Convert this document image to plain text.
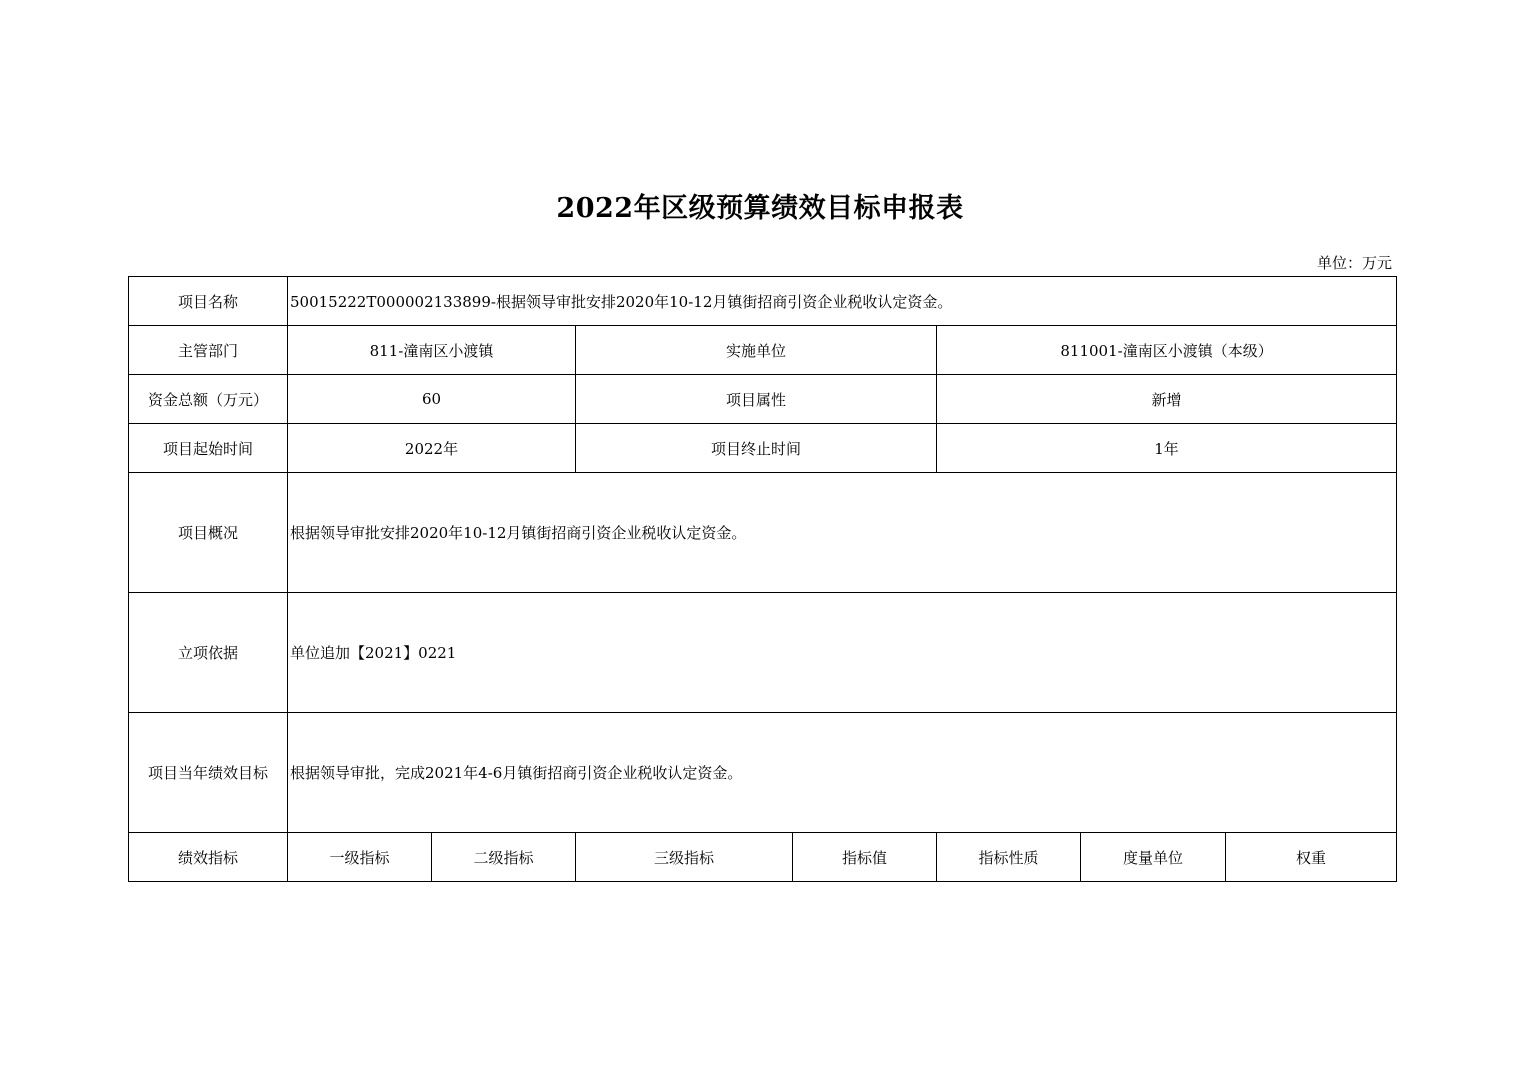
2022年区级预算绩效目标申报表
单位：万元
项目名称	50015222T000002133899-根据领导审批安排2020年10-12月镇街招商引资企业税收认定资金。						
主管部门	811-潼南区小渡镇		实施单位		811001-潼南区小渡镇（本级）		
资金总额（万元）	60		项目属性		新增		
项目起始时间	2022年		项目终止时间		1年		
项目概况	根据领导审批安排2020年10-12月镇街招商引资企业税收认定资金。						
立项依据	单位追加【2021】0221						
项目当年绩效目标	根据领导审批，完成2021年4-6月镇街招商引资企业税收认定资金。						
绩效指标	一级指标	二级指标	三级指标	指标值	指标性质	度量单位	权重
